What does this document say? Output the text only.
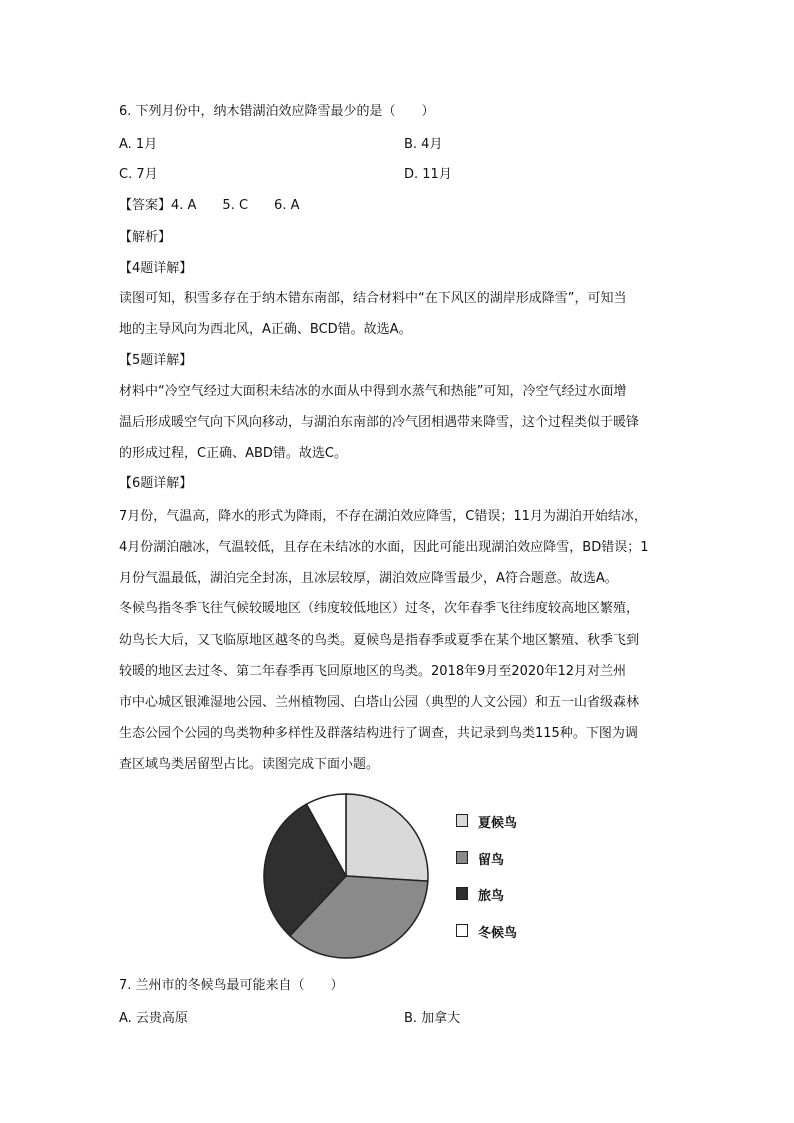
6. 下列月份中，纳木错湖泊效应降雪最少的是（　　）
A. 1月	B. 4月
C. 7月	D. 11月
【答案】4. A　　5. C　　6. A
【解析】
【4题详解】
读图可知，积雪多存在于纳木错东南部，结合材料中“在下风区的湖岸形成降雪”，可知当
地的主导风向为西北风，A正确、BCD错。故选A。
【5题详解】
材料中“冷空气经过大面积未结冰的水面从中得到水蒸气和热能”可知，冷空气经过水面增
温后形成暖空气向下风向移动，与湖泊东南部的冷气团相遇带来降雪，这个过程类似于暖锋
的形成过程，C正确、ABD错。故选C。
【6题详解】
7月份，气温高，降水的形式为降雨，不存在湖泊效应降雪，C错误；11月为湖泊开始结冰，
4月份湖泊融冰，气温较低，且存在未结冰的水面，因此可能出现湖泊效应降雪，BD错误；1
月份气温最低，湖泊完全封冻，且冰层较厚，湖泊效应降雪最少，A符合题意。故选A。
冬候鸟指冬季飞往气候较暖地区（纬度较低地区）过冬，次年春季飞往纬度较高地区繁殖，
幼鸟长大后，又飞临原地区越冬的鸟类。夏候鸟是指春季或夏季在某个地区繁殖、秋季飞到
较暖的地区去过冬、第二年春季再飞回原地区的鸟类。2018年9月至2020年12月对兰州
市中心城区银滩湿地公园、兰州植物园、白塔山公园（典型的人文公园）和五一山省级森林
生态公园个公园的鸟类物种多样性及群落结构进行了调查，共记录到鸟类115种。下图为调
查区域鸟类居留型占比。读图完成下面小题。
夏候鸟
留鸟
旅鸟
冬候鸟
7. 兰州市的冬候鸟最可能来自（　　）
A. 云贵高原	B. 加拿大
